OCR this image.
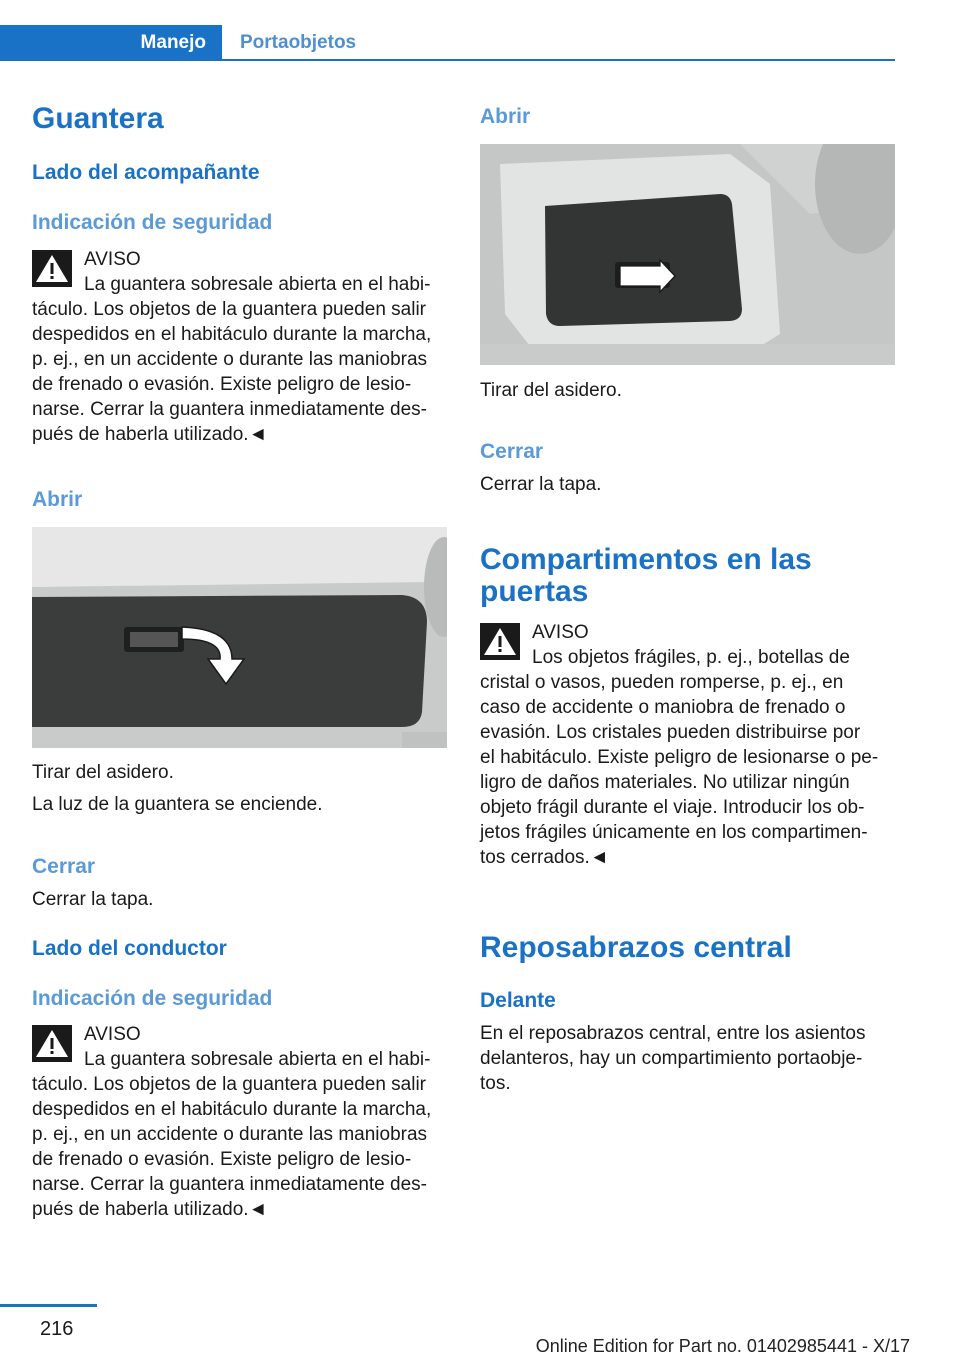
Manejo	Portaobjetos
Guantera
Lado del acompañante
Indicación de seguridad

AVISO

La guantera sobresale abierta en el habi-

táculo. Los objetos de la guantera pueden salir

despedidos en el habitáculo durante la marcha,

p. ej., en un accidente o durante las maniobras

de frenado o evasión. Existe peligro de lesio-

narse. Cerrar la guantera inmediatamente des-

pués de haberla utilizado.◄

Abrir

Tirar del asidero.

La luz de la guantera se enciende.

Cerrar

Cerrar la tapa.

Lado del conductor
Indicación de seguridad

AVISO

La guantera sobresale abierta en el habi-

táculo. Los objetos de la guantera pueden salir

despedidos en el habitáculo durante la marcha,

p. ej., en un accidente o durante las maniobras

de frenado o evasión. Existe peligro de lesio-

narse. Cerrar la guantera inmediatamente des-

pués de haberla utilizado.◄

Abrir

Tirar del asidero.

Cerrar

Cerrar la tapa.

Compartimentos en las
puertas

AVISO

Los objetos frágiles, p. ej., botellas de

cristal o vasos, pueden romperse, p. ej., en

caso de accidente o maniobra de frenado o

evasión. Los cristales pueden distribuirse por

el habitáculo. Existe peligro de lesionarse o pe-

ligro de daños materiales. No utilizar ningún

objeto frágil durante el viaje. Introducir los ob-

jetos frágiles únicamente en los compartimen-

tos cerrados.◄

Reposabrazos central
Delante

En el reposabrazos central, entre los asientos

delanteros, hay un compartimiento portaobje-

tos.

216
Online Edition for Part no. 01402985441 - X/17
